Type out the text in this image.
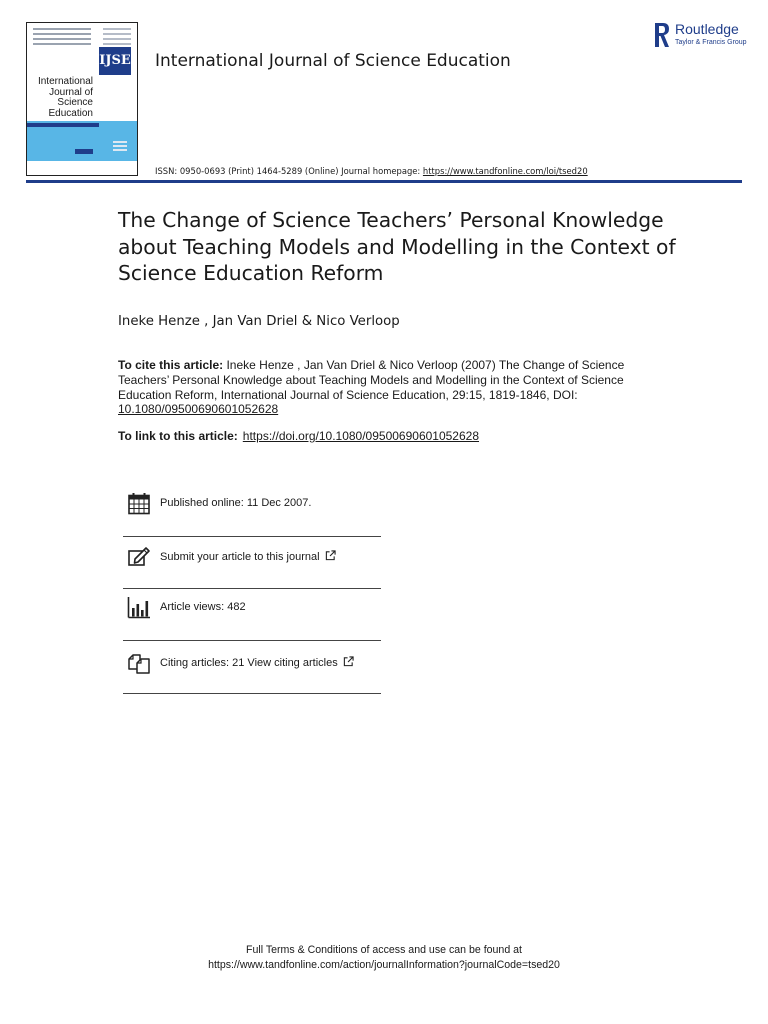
IJSE
International
Journal of
Science
Education
International Journal of Science Education
Routledge
Taylor & Francis Group
ISSN: 0950-0693 (Print) 1464-5289 (Online) Journal homepage: https://www.tandfonline.com/loi/tsed20
The Change of Science Teachers’ Personal Knowledge about Teaching Models and Modelling in the Context of Science Education Reform
Ineke Henze , Jan Van Driel & Nico Verloop
To cite this article: Ineke Henze , Jan Van Driel & Nico Verloop (2007) The Change of Science Teachers’ Personal Knowledge about Teaching Models and Modelling in the Context of Science Education Reform, International Journal of Science Education, 29:15, 1819-1846, DOI: 10.1080/09500690601052628
To link to this article: https://doi.org/10.1080/09500690601052628
Published online: 11 Dec 2007.
Submit your article to this journal
Article views: 482
Citing articles: 21 View citing articles
Full Terms & Conditions of access and use can be found at
https://www.tandfonline.com/action/journalInformation?journalCode=tsed20
